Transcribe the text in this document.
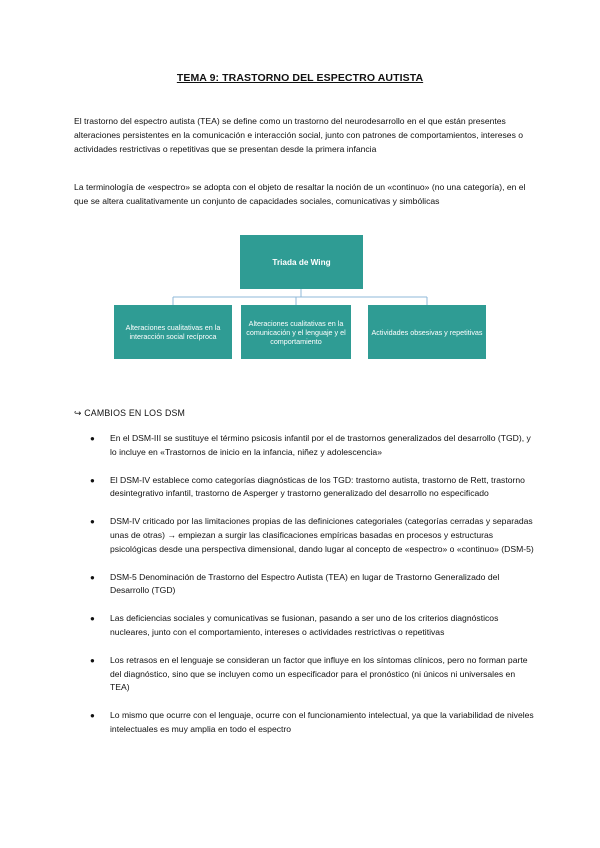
TEMA 9: TRASTORNO DEL ESPECTRO AUTISTA

El trastorno del espectro autista (TEA) se define como un trastorno del neurodesarrollo en el que están presentes alteraciones persistentes en la comunicación e interacción social, junto con patrones de comportamientos, intereses o actividades restrictivas o repetitivas que se presentan desde la primera infancia

La terminología de «espectro» se adopta con el objeto de resaltar la noción de un «continuo» (no una categoría), en el que se altera cualitativamente un conjunto de capacidades sociales, comunicativas y simbólicas

Triada de Wing
Alteraciones cualitativas en la interacción social recíproca
Alteraciones cualitativas en la comunicación y el lenguaje y el comportamiento
Actividades obsesivas y repetitivas
↪ CAMBIOS EN LOS DSM
● En el DSM-III se sustituye el término psicosis infantil por el de trastornos generalizados del desarrollo (TGD), y lo incluye en «Trastornos de inicio en la infancia, niñez y adolescencia»
● El DSM-IV establece como categorías diagnósticas de los TGD: trastorno autista, trastorno de Rett, trastorno desintegrativo infantil, trastorno de Asperger y trastorno generalizado del desarrollo no especificado
● DSM-IV criticado por las limitaciones propias de las definiciones categoriales (categorías cerradas y separadas unas de otras) → empiezan a surgir las clasificaciones empíricas basadas en procesos y estructuras psicológicas desde una perspectiva dimensional, dando lugar al concepto de «espectro» o «continuo» (DSM-5)
● DSM-5 Denominación de Trastorno del Espectro Autista (TEA) en lugar de Trastorno Generalizado del Desarrollo (TGD)
● Las deficiencias sociales y comunicativas se fusionan, pasando a ser uno de los criterios diagnósticos nucleares, junto con el comportamiento, intereses o actividades restrictivas o repetitivas
● Los retrasos en el lenguaje se consideran un factor que influye en los síntomas clínicos, pero no forman parte del diagnóstico, sino que se incluyen como un especificador para el pronóstico (ni únicos ni universales en TEA)
● Lo mismo que ocurre con el lenguaje, ocurre con el funcionamiento intelectual, ya que la variabilidad de niveles intelectuales es muy amplia en todo el espectro
